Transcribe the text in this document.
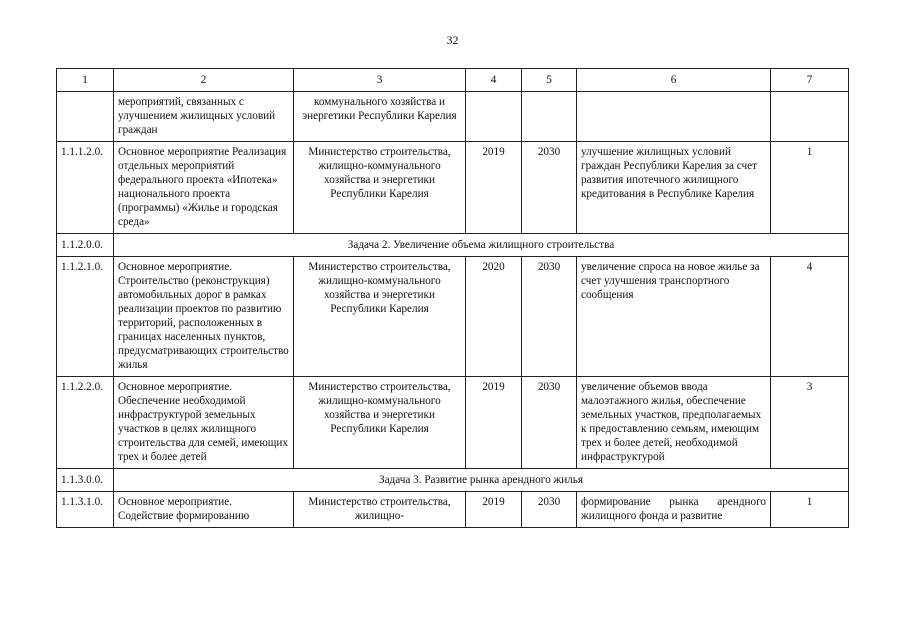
32
1	2	3	4	5	6	7
	мероприятий, связанных с улучшением жилищных условий граждан	коммунального хозяйства и энергетики Республики Карелия				
1.1.1.2.0.	Основное мероприятие Реализация отдельных мероприятий федерального проекта «Ипотека» национального проекта (программы) «Жилье и городская среда»	Министерство строительства, жилищно-коммунального хозяйства и энергетики Республики Карелия	2019	2030	улучшение жилищных условий граждан Республики Карелия за счет развития ипотечного жилищного кредитования в Республике Карелия	1
1.1.2.0.0.	Задача 2. Увеличение объема жилищного строительства					
1.1.2.1.0.	Основное мероприятие. Строительство (реконструкция) автомобильных дорог в рамках реализации проектов по развитию территорий, расположенных в границах населенных пунктов, предусматривающих строительство жилья	Министерство строительства, жилищно-коммунального хозяйства и энергетики Республики Карелия	2020	2030	увеличение спроса на новое жилье за счет улучшения транспортного сообщения	4
1.1.2.2.0.	Основное мероприятие. Обеспечение необходимой инфраструктурой земельных участков в целях жилищного строительства для семей, имеющих трех и более детей	Министерство строительства, жилищно-коммунального хозяйства и энергетики Республики Карелия	2019	2030	увеличение объемов ввода малоэтажного жилья, обеспечение земельных участков, предполагаемых к предоставлению семьям, имеющим трех и более детей, необходимой инфраструктурой	3
1.1.3.0.0.	Задача 3. Развитие рынка арендного жилья					
1.1.3.1.0.	Основное мероприятие. Содействие формированию	Министерство строительства, жилищно-	2019	2030	формирование рынка арендного жилищного фонда и развитие	1
